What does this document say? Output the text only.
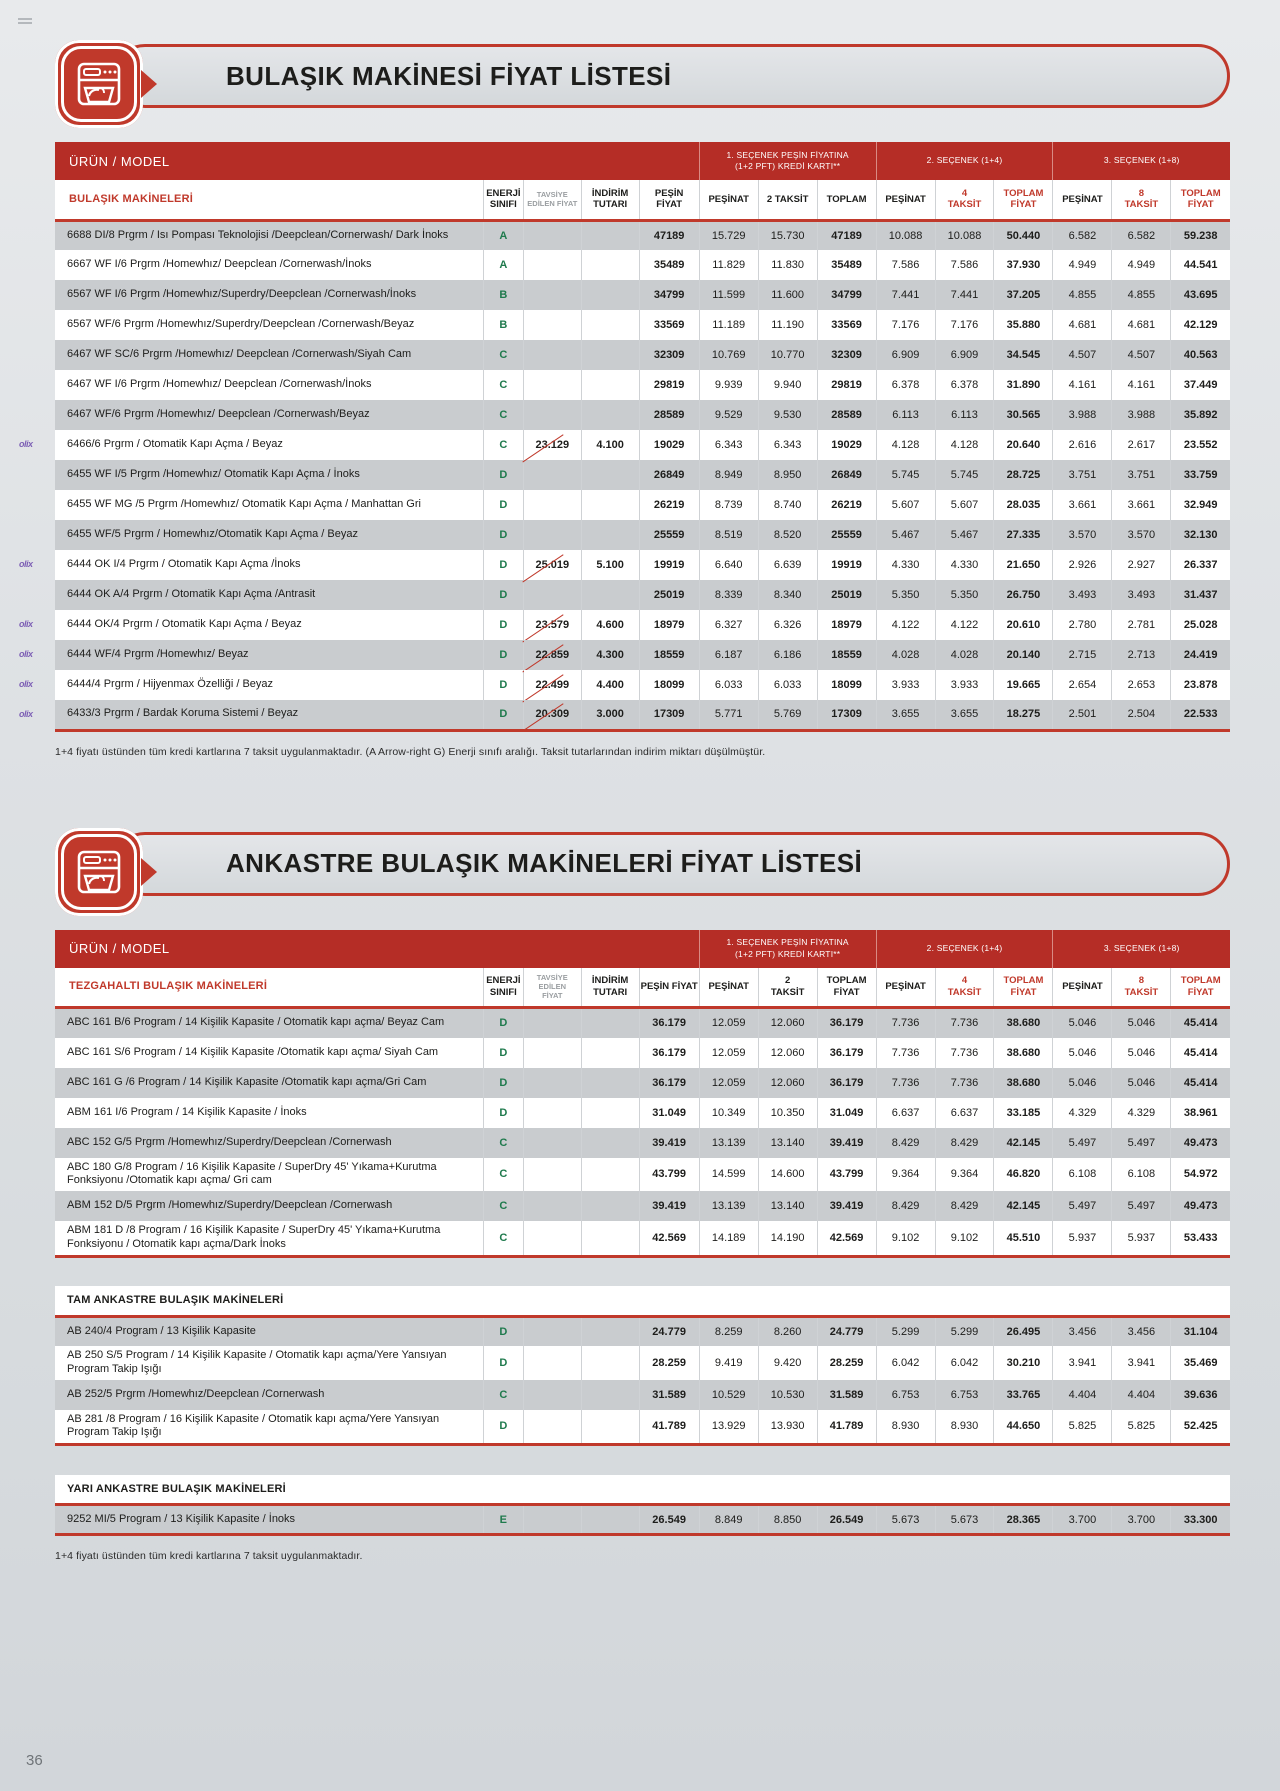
BULAŞIK MAKİNESİ FİYAT LİSTESİ
ÜRÜN / MODEL					1. SEÇENEK PEŞİN FİYATINA
(1+2 PFT) KREDİ KARTI**			2. SEÇENEK (1+4)			3. SEÇENEK (1+8)		
BULAŞIK MAKİNELERİ	ENERJİ
SINIFI	TAVSİYE
EDİLEN FİYAT	İNDİRİM
TUTARI	PEŞİN
FİYAT	PEŞİNAT	2 TAKSİT	TOPLAM	PEŞİNAT	4
TAKSİT	TOPLAM
FİYAT	PEŞİNAT	8
TAKSİT	TOPLAM
FİYAT
6688 DI/8 Prgrm / Isı Pompası Teknolojisi /Deepclean/Cornerwash/ Dark İnoks	A			47189	15.729	15.730	47189	10.088	10.088	50.440	6.582	6.582	59.238
6667 WF I/6 Prgrm /Homewhız/ Deepclean /Cornerwash/İnoks	A			35489	11.829	11.830	35489	7.586	7.586	37.930	4.949	4.949	44.541
6567 WF I/6 Prgrm /Homewhız/Superdry/Deepclean /Cornerwash/İnoks	B			34799	11.599	11.600	34799	7.441	7.441	37.205	4.855	4.855	43.695
6567 WF/6 Prgrm /Homewhız/Superdry/Deepclean /Cornerwash/Beyaz	B			33569	11.189	11.190	33569	7.176	7.176	35.880	4.681	4.681	42.129
6467 WF SC/6 Prgrm /Homewhız/ Deepclean /Cornerwash/Siyah Cam	C			32309	10.769	10.770	32309	6.909	6.909	34.545	4.507	4.507	40.563
6467 WF I/6 Prgrm /Homewhız/ Deepclean /Cornerwash/İnoks	C			29819	9.939	9.940	29819	6.378	6.378	31.890	4.161	4.161	37.449
6467 WF/6 Prgrm /Homewhız/ Deepclean /Cornerwash/Beyaz	C			28589	9.529	9.530	28589	6.113	6.113	30.565	3.988	3.988	35.892
6466/6 Prgrm / Otomatik Kapı Açma / Beyaz	C	23.129	4.100	19029	6.343	6.343	19029	4.128	4.128	20.640	2.616	2.617	23.552
6455 WF I/5 Prgrm /Homewhız/ Otomatik Kapı Açma / İnoks	D			26849	8.949	8.950	26849	5.745	5.745	28.725	3.751	3.751	33.759
6455 WF MG /5 Prgrm /Homewhız/ Otomatik Kapı Açma / Manhattan Gri	D			26219	8.739	8.740	26219	5.607	5.607	28.035	3.661	3.661	32.949
6455 WF/5 Prgrm / Homewhız/Otomatik Kapı Açma / Beyaz	D			25559	8.519	8.520	25559	5.467	5.467	27.335	3.570	3.570	32.130
6444 OK I/4 Prgrm / Otomatik Kapı Açma /İnoks	D	25.019	5.100	19919	6.640	6.639	19919	4.330	4.330	21.650	2.926	2.927	26.337
6444 OK A/4 Prgrm / Otomatik Kapı Açma /Antrasit	D			25019	8.339	8.340	25019	5.350	5.350	26.750	3.493	3.493	31.437
6444 OK/4 Prgrm / Otomatik Kapı Açma / Beyaz	D	23.579	4.600	18979	6.327	6.326	18979	4.122	4.122	20.610	2.780	2.781	25.028
6444 WF/4 Prgrm /Homewhız/ Beyaz	D	22.859	4.300	18559	6.187	6.186	18559	4.028	4.028	20.140	2.715	2.713	24.419
6444/4 Prgrm / Hijyenmax Özelliği / Beyaz	D	22.499	4.400	18099	6.033	6.033	18099	3.933	3.933	19.665	2.654	2.653	23.878
6433/3 Prgrm / Bardak Koruma Sistemi / Beyaz	D	20.309	3.000	17309	5.771	5.769	17309	3.655	3.655	18.275	2.501	2.504	22.533
olix
olix
olix
olix
olix
olix
1+4 fiyatı üstünden tüm kredi kartlarına 7 taksit uygulanmaktadır. (A Arrow-right G) Enerji sınıfı aralığı. Taksit tutarlarından indirim miktarı düşülmüştür.
ANKASTRE BULAŞIK MAKİNELERİ FİYAT LİSTESİ
ÜRÜN / MODEL					1. SEÇENEK PEŞİN FİYATINA
(1+2 PFT) KREDİ KARTI**			2. SEÇENEK (1+4)			3. SEÇENEK (1+8)		
TEZGAHALTI BULAŞIK MAKİNELERİ	ENERJİ
SINIFI	TAVSİYE EDİLEN
FİYAT	İNDİRİM
TUTARI	PEŞİN FİYAT	PEŞİNAT	2
TAKSİT	TOPLAM
FİYAT	PEŞİNAT	4
TAKSİT	TOPLAM
FİYAT	PEŞİNAT	8
TAKSİT	TOPLAM
FİYAT
ABC 161 B/6 Program / 14 Kişilik Kapasite / Otomatik kapı açma/ Beyaz Cam	D			36.179	12.059	12.060	36.179	7.736	7.736	38.680	5.046	5.046	45.414
ABC 161 S/6 Program / 14 Kişilik Kapasite /Otomatik kapı açma/ Siyah Cam	D			36.179	12.059	12.060	36.179	7.736	7.736	38.680	5.046	5.046	45.414
ABC 161 G /6 Program / 14 Kişilik Kapasite /Otomatik kapı açma/Gri Cam	D			36.179	12.059	12.060	36.179	7.736	7.736	38.680	5.046	5.046	45.414
ABM 161 I/6 Program / 14 Kişilik Kapasite / İnoks	D			31.049	10.349	10.350	31.049	6.637	6.637	33.185	4.329	4.329	38.961
ABC 152 G/5 Prgrm /Homewhız/Superdry/Deepclean /Cornerwash	C			39.419	13.139	13.140	39.419	8.429	8.429	42.145	5.497	5.497	49.473
ABC 180 G/8 Program / 16 Kişilik Kapasite / SuperDry 45' Yıkama+Kurutma Fonksiyonu /Otomatik kapı açma/ Gri cam	C			43.799	14.599	14.600	43.799	9.364	9.364	46.820	6.108	6.108	54.972
ABM 152 D/5 Prgrm /Homewhız/Superdry/Deepclean /Cornerwash	C			39.419	13.139	13.140	39.419	8.429	8.429	42.145	5.497	5.497	49.473
ABM 181 D /8 Program / 16 Kişilik Kapasite / SuperDry 45' Yıkama+Kurutma Fonksiyonu / Otomatik kapı açma/Dark İnoks	C			42.569	14.189	14.190	42.569	9.102	9.102	45.510	5.937	5.937	53.433

TAM ANKASTRE BULAŞIK MAKİNELERİ													
AB 240/4 Program / 13 Kişilik Kapasite	D			24.779	8.259	8.260	24.779	5.299	5.299	26.495	3.456	3.456	31.104
AB 250 S/5 Program / 14 Kişilik Kapasite / Otomatik kapı açma/Yere Yansıyan Program Takip Işığı	D			28.259	9.419	9.420	28.259	6.042	6.042	30.210	3.941	3.941	35.469
AB 252/5 Prgrm /Homewhız/Deepclean /Cornerwash	C			31.589	10.529	10.530	31.589	6.753	6.753	33.765	4.404	4.404	39.636
AB 281 /8 Program / 16 Kişilik Kapasite / Otomatik kapı açma/Yere Yansıyan Program Takip Işığı	D			41.789	13.929	13.930	41.789	8.930	8.930	44.650	5.825	5.825	52.425

YARI ANKASTRE BULAŞIK MAKİNELERİ													
9252 MI/5 Program / 13 Kişilik Kapasite / İnoks	E			26.549	8.849	8.850	26.549	5.673	5.673	28.365	3.700	3.700	33.300
1+4 fiyatı üstünden tüm kredi kartlarına 7 taksit uygulanmaktadır.
36
